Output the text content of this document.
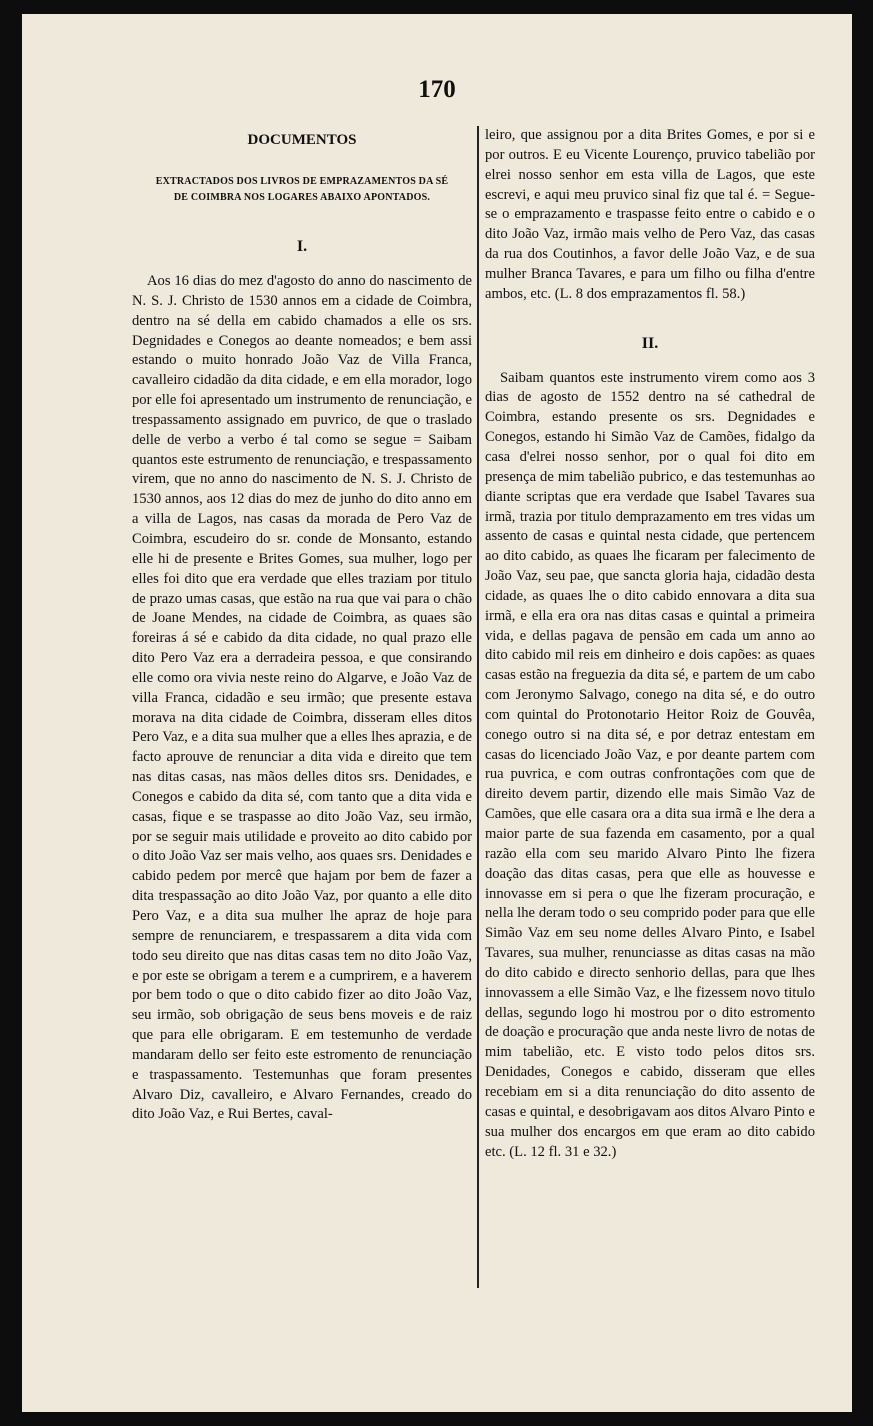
170
DOCUMENTOS
EXTRACTADOS DOS LIVROS DE EMPRAZAMENTOS DA SÉ
DE COIMBRA NOS LOGARES ABAIXO APONTADOS.
I.

Aos 16 dias do mez d'agosto do anno do nascimento de N. S. J. Christo de 1530 annos em a cidade de Coimbra, dentro na sé della em cabido chamados a elle os srs. Degnidades e Conegos ao deante nomeados; e bem assi estando o muito honrado João Vaz de Villa Franca, cavalleiro cidadão da dita cidade, e em ella morador, logo por elle foi apresentado um instrumento de renunciação, e trespassamento assignado em puvrico, de que o traslado delle de verbo a verbo é tal como se segue = Saibam quantos este estrumento de renunciação, e trespassamento virem, que no anno do nascimento de N. S. J. Christo de 1530 annos, aos 12 dias do mez de junho do dito anno em a villa de Lagos, nas casas da morada de Pero Vaz de Coimbra, escudeiro do sr. conde de Monsanto, estando elle hi de presente e Brites Gomes, sua mulher, logo per elles foi dito que era verdade que elles traziam por titulo de prazo umas casas, que estão na rua que vai para o chão de Joane Mendes, na cidade de Coimbra, as quaes são foreiras á sé e cabido da dita cidade, no qual prazo elle dito Pero Vaz era a derradeira pessoa, e que consirando elle como ora vivia neste reino do Algarve, e João Vaz de villa Franca, cidadão e seu irmão; que presente estava morava na dita cidade de Coimbra, disseram elles ditos Pero Vaz, e a dita sua mulher que a elles lhes aprazia, e de facto aprouve de renunciar a dita vida e direito que tem nas ditas casas, nas mãos delles ditos srs. Denidades, e Conegos e cabido da dita sé, com tanto que a dita vida e casas, fique e se traspasse ao dito João Vaz, seu irmão, por se seguir mais utilidade e proveito ao dito cabido por o dito João Vaz ser mais velho, aos quaes srs. Denidades e cabido pedem por mercê que hajam por bem de fazer a dita trespassação ao dito João Vaz, por quanto a elle dito Pero Vaz, e a dita sua mulher lhe apraz de hoje para sempre de renunciarem, e trespassarem a dita vida com todo seu direito que nas ditas casas tem no dito João Vaz, e por este se obrigam a terem e a cumprirem, e a haverem por bem todo o que o dito cabido fizer ao dito João Vaz, seu irmão, sob obrigação de seus bens moveis e de raiz que para elle obrigaram. E em testemunho de verdade mandaram dello ser feito este estromento de renunciação e traspassamento. Testemunhas que foram presentes Alvaro Diz, cavalleiro, e Alvaro Fernandes, creado do dito João Vaz, e Rui Bertes, caval-

leiro, que assignou por a dita Brites Gomes, e por si e por outros. E eu Vicente Lourenço, pruvico tabelião por elrei nosso senhor em esta villa de Lagos, que este escrevi, e aqui meu pruvico sinal fiz que tal é. = Segue-se o emprazamento e traspasse feito entre o cabido e o dito João Vaz, irmão mais velho de Pero Vaz, das casas da rua dos Coutinhos, a favor delle João Vaz, e de sua mulher Branca Tavares, e para um filho ou filha d'entre ambos, etc. (L. 8 dos emprazamentos fl. 58.)

II.

Saibam quantos este instrumento virem como aos 3 dias de agosto de 1552 dentro na sé cathedral de Coimbra, estando presente os srs. Degnidades e Conegos, estando hi Simão Vaz de Camões, fidalgo da casa d'elrei nosso senhor, por o qual foi dito em presença de mim tabelião pubrico, e das testemunhas ao diante scriptas que era verdade que Isabel Tavares sua irmã, trazia por titulo demprazamento em tres vidas um assento de casas e quintal nesta cidade, que pertencem ao dito cabido, as quaes lhe ficaram per falecimento de João Vaz, seu pae, que sancta gloria haja, cidadão desta cidade, as quaes lhe o dito cabido ennovara a dita sua irmã, e ella era ora nas ditas casas e quintal a primeira vida, e dellas pagava de pensão em cada um anno ao dito cabido mil reis em dinheiro e dois capões: as quaes casas estão na freguezia da dita sé, e partem de um cabo com Jeronymo Salvago, conego na dita sé, e do outro com quintal do Protonotario Heitor Roiz de Gouvêa, conego outro si na dita sé, e por detraz entestam em casas do licenciado João Vaz, e por deante partem com rua puvrica, e com outras confrontações com que de direito devem partir, dizendo elle mais Simão Vaz de Camões, que elle casara ora a dita sua irmã e lhe dera a maior parte de sua fazenda em casamento, por a qual razão ella com seu marido Alvaro Pinto lhe fizera doação das ditas casas, pera que elle as houvesse e innovasse em si pera o que lhe fizeram procuração, e nella lhe deram todo o seu comprido poder para que elle Simão Vaz em seu nome delles Alvaro Pinto, e Isabel Tavares, sua mulher, renunciasse as ditas casas na mão do dito cabido e directo senhorio dellas, para que lhes innovassem a elle Simão Vaz, e lhe fizessem novo titulo dellas, segundo logo hi mostrou por o dito estromento de doação e procuração que anda neste livro de notas de mim tabelião, etc. E visto todo pelos ditos srs. Denidades, Conegos e cabido, disseram que elles recebiam em si a dita renunciação do dito assento de casas e quintal, e desobrigavam aos ditos Alvaro Pinto e sua mulher dos encargos em que eram ao dito cabido etc. (L. 12 fl. 31 e 32.)
